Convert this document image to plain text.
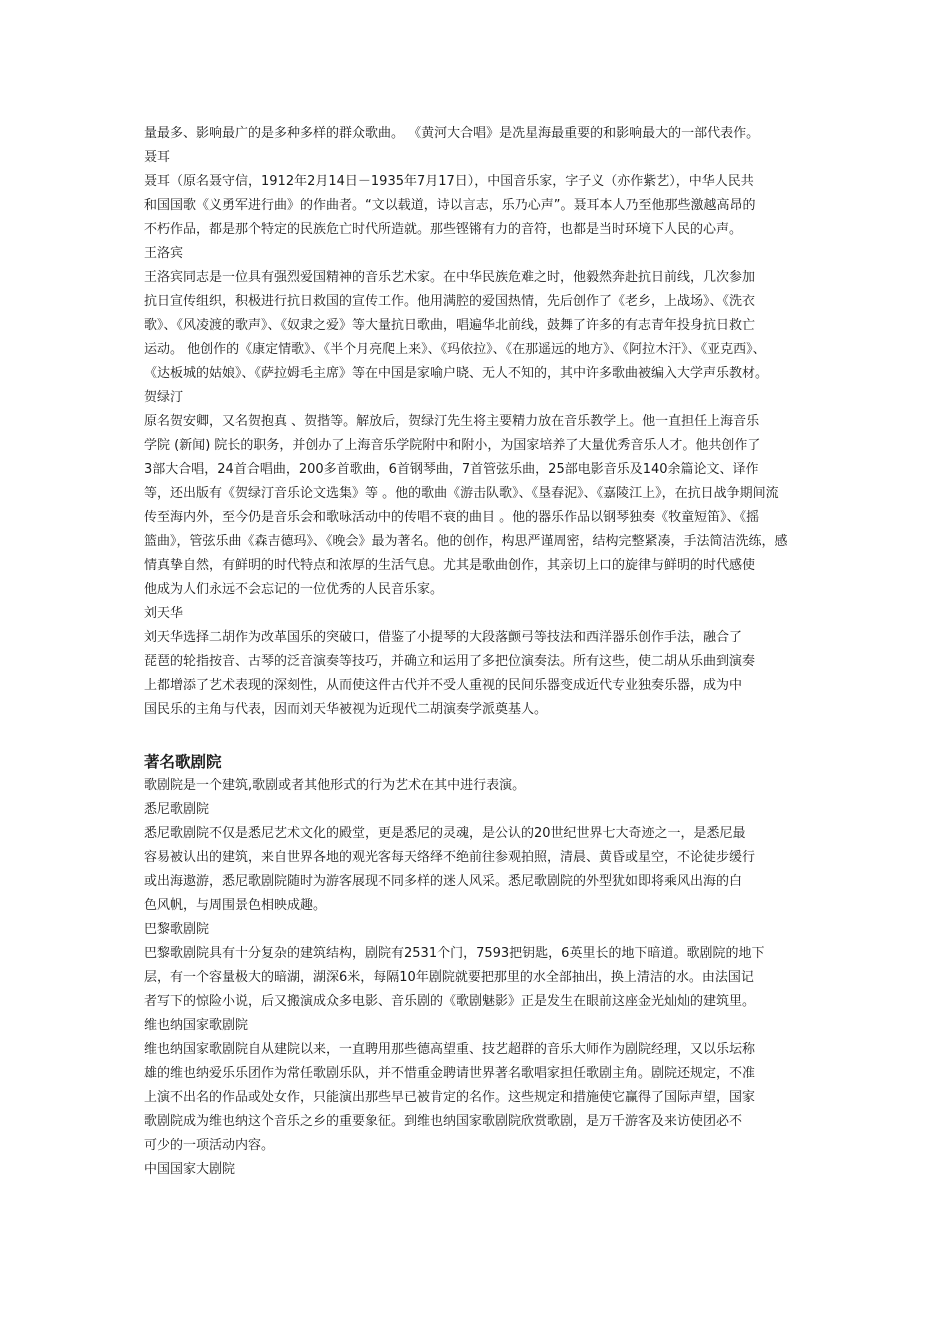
量最多、影响最广的是多种多样的群众歌曲。 《黄河大合唱》是冼星海最重要的和影响最大的一部代表作。
聂耳
聂耳（原名聂守信，1912年2月14日－1935年7月17日），中国音乐家，字子义（亦作紫艺），中华人民共
和国国歌《义勇军进行曲》的作曲者。“文以载道，诗以言志，乐乃心声”。聂耳本人乃至他那些激越高昂的
不朽作品，都是那个特定的民族危亡时代所造就。那些铿锵有力的音符，也都是当时环境下人民的心声。
王洛宾
王洛宾同志是一位具有强烈爱国精神的音乐艺术家。在中华民族危难之时，他毅然奔赴抗日前线，几次参加
抗日宣传组织，积极进行抗日救国的宣传工作。他用满腔的爱国热情，先后创作了《老乡，上战场》、《洗衣
歌》、《风凌渡的歌声》、《奴隶之爱》等大量抗日歌曲，唱遍华北前线，鼓舞了许多的有志青年投身抗日救亡
运动。 他创作的《康定情歌》、《半个月亮爬上来》、《玛依拉》、《在那遥远的地方》、《阿拉木汗》、《亚克西》、
《达板城的姑娘》、《萨拉姆毛主席》等在中国是家喻户晓、无人不知的，其中许多歌曲被编入大学声乐教材。
贺绿汀
原名贺安卿，又名贺抱真 、贺揩等。解放后，贺绿汀先生将主要精力放在音乐教学上。他一直担任上海音乐
学院 (新闻) 院长的职务，并创办了上海音乐学院附中和附小，为国家培养了大量优秀音乐人才。他共创作了
3部大合唱，24首合唱曲，200多首歌曲，6首钢琴曲，7首管弦乐曲，25部电影音乐及140余篇论文、译作
等，还出版有《贺绿汀音乐论文选集》等 。他的歌曲《游击队歌》、《垦春泥》、《嘉陵江上》，在抗日战争期间流
传至海内外，至今仍是音乐会和歌咏活动中的传唱不衰的曲目 。他的器乐作品以钢琴独奏《牧童短笛》、《摇
篮曲》，管弦乐曲《森吉德玛》、《晚会》最为著名。他的创作，构思严谨周密，结构完整紧凑，手法简洁洗练，感
情真挚自然，有鲜明的时代特点和浓厚的生活气息。尤其是歌曲创作，其亲切上口的旋律与鲜明的时代感使
他成为人们永远不会忘记的一位优秀的人民音乐家。
刘天华
刘天华选择二胡作为改革国乐的突破口，借鉴了小提琴的大段落颤弓等技法和西洋器乐创作手法，融合了
琵琶的轮指按音、古琴的泛音演奏等技巧，并确立和运用了多把位演奏法。所有这些，使二胡从乐曲到演奏
上都增添了艺术表现的深刻性，从而使这件古代并不受人重视的民间乐器变成近代专业独奏乐器，成为中
国民乐的主角与代表，因而刘天华被视为近现代二胡演奏学派奠基人。
著名歌剧院
歌剧院是一个建筑,歌剧或者其他形式的行为艺术在其中进行表演。
悉尼歌剧院
悉尼歌剧院不仅是悉尼艺术文化的殿堂，更是悉尼的灵魂，是公认的20世纪世界七大奇迹之一，是悉尼最
容易被认出的建筑，来自世界各地的观光客每天络绎不绝前往参观拍照，清晨、黄昏或星空，不论徒步缓行
或出海遨游，悉尼歌剧院随时为游客展现不同多样的迷人风采。悉尼歌剧院的外型犹如即将乘风出海的白
色风帆，与周围景色相映成趣。
巴黎歌剧院
巴黎歌剧院具有十分复杂的建筑结构，剧院有2531个门，7593把钥匙，6英里长的地下暗道。歌剧院的地下
层，有一个容量极大的暗湖，湖深6米，每隔10年剧院就要把那里的水全部抽出，换上清洁的水。由法国记
者写下的惊险小说，后又搬演成众多电影、音乐剧的《歌剧魅影》正是发生在眼前这座金光灿灿的建筑里。
维也纳国家歌剧院
维也纳国家歌剧院自从建院以来，一直聘用那些德高望重、技艺超群的音乐大师作为剧院经理，又以乐坛称
雄的维也纳爱乐乐团作为常任歌剧乐队，并不惜重金聘请世界著名歌唱家担任歌剧主角。剧院还规定，不准
上演不出名的作品或处女作，只能演出那些早已被肯定的名作。这些规定和措施使它赢得了国际声望，国家
歌剧院成为维也纳这个音乐之乡的重要象征。到维也纳国家歌剧院欣赏歌剧，是万千游客及来访使团必不
可少的一项活动内容。
中国国家大剧院
